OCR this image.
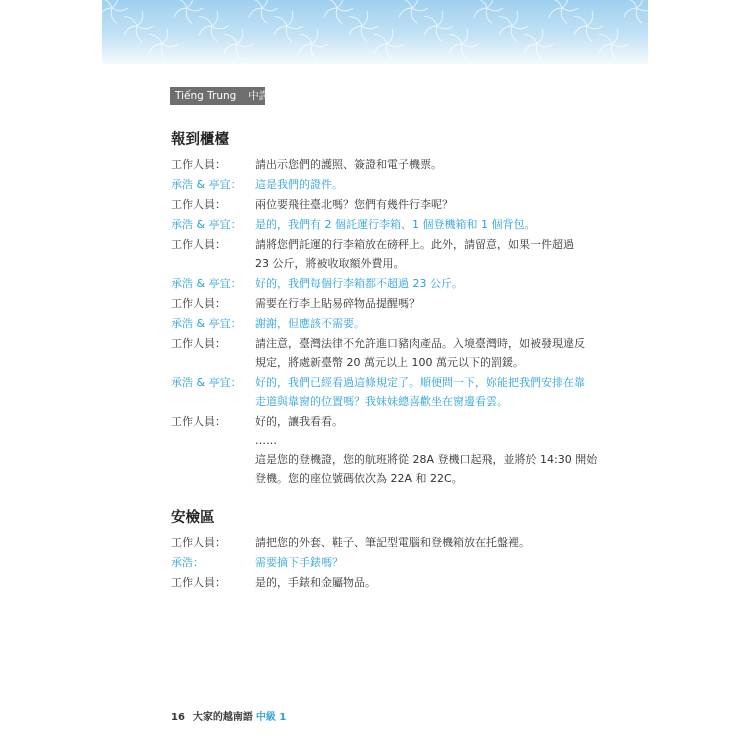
Tiếng Trung 中譯
報到櫃檯
工作人員：	請出示您們的護照、簽證和電子機票。
承浩 & 亭宜： 這是我們的證件。
工作人員：	兩位要飛往臺北嗎？您們有幾件行李呢？
承浩 & 亭宜： 是的，我們有 2 個託運行李箱、1 個登機箱和 1 個背包。
工作人員：	請將您們託運的行李箱放在磅秤上。此外，請留意，如果一件超過
23 公斤，將被收取額外費用。
承浩 & 亭宜： 好的，我們每個行李箱都不超過 23 公斤。
工作人員：	需要在行李上貼易碎物品提醒嗎？
承浩 & 亭宜： 謝謝，但應該不需要。
工作人員：	請注意，臺灣法律不允許進口豬肉產品。入境臺灣時，如被發現違反
規定，將處新臺幣 20 萬元以上 100 萬元以下的罰鍰。
承浩 & 亭宜： 好的，我們已經看過這條規定了。順便問一下，妳能把我們安排在靠
走道與靠窗的位置嗎？我妹妹總喜歡坐在窗邊看雲。
工作人員：	好的，讓我看看。
……
這是您的登機證，您的航班將從 28A 登機口起飛，並將於 14:30 開始
登機。您的座位號碼依次為 22A 和 22C。
安檢區
工作人員：	請把您的外套、鞋子、筆記型電腦和登機箱放在托盤裡。
承浩：	需要摘下手錶嗎？
工作人員：	是的，手錶和金屬物品。
16 大家的越南語 中級 1
